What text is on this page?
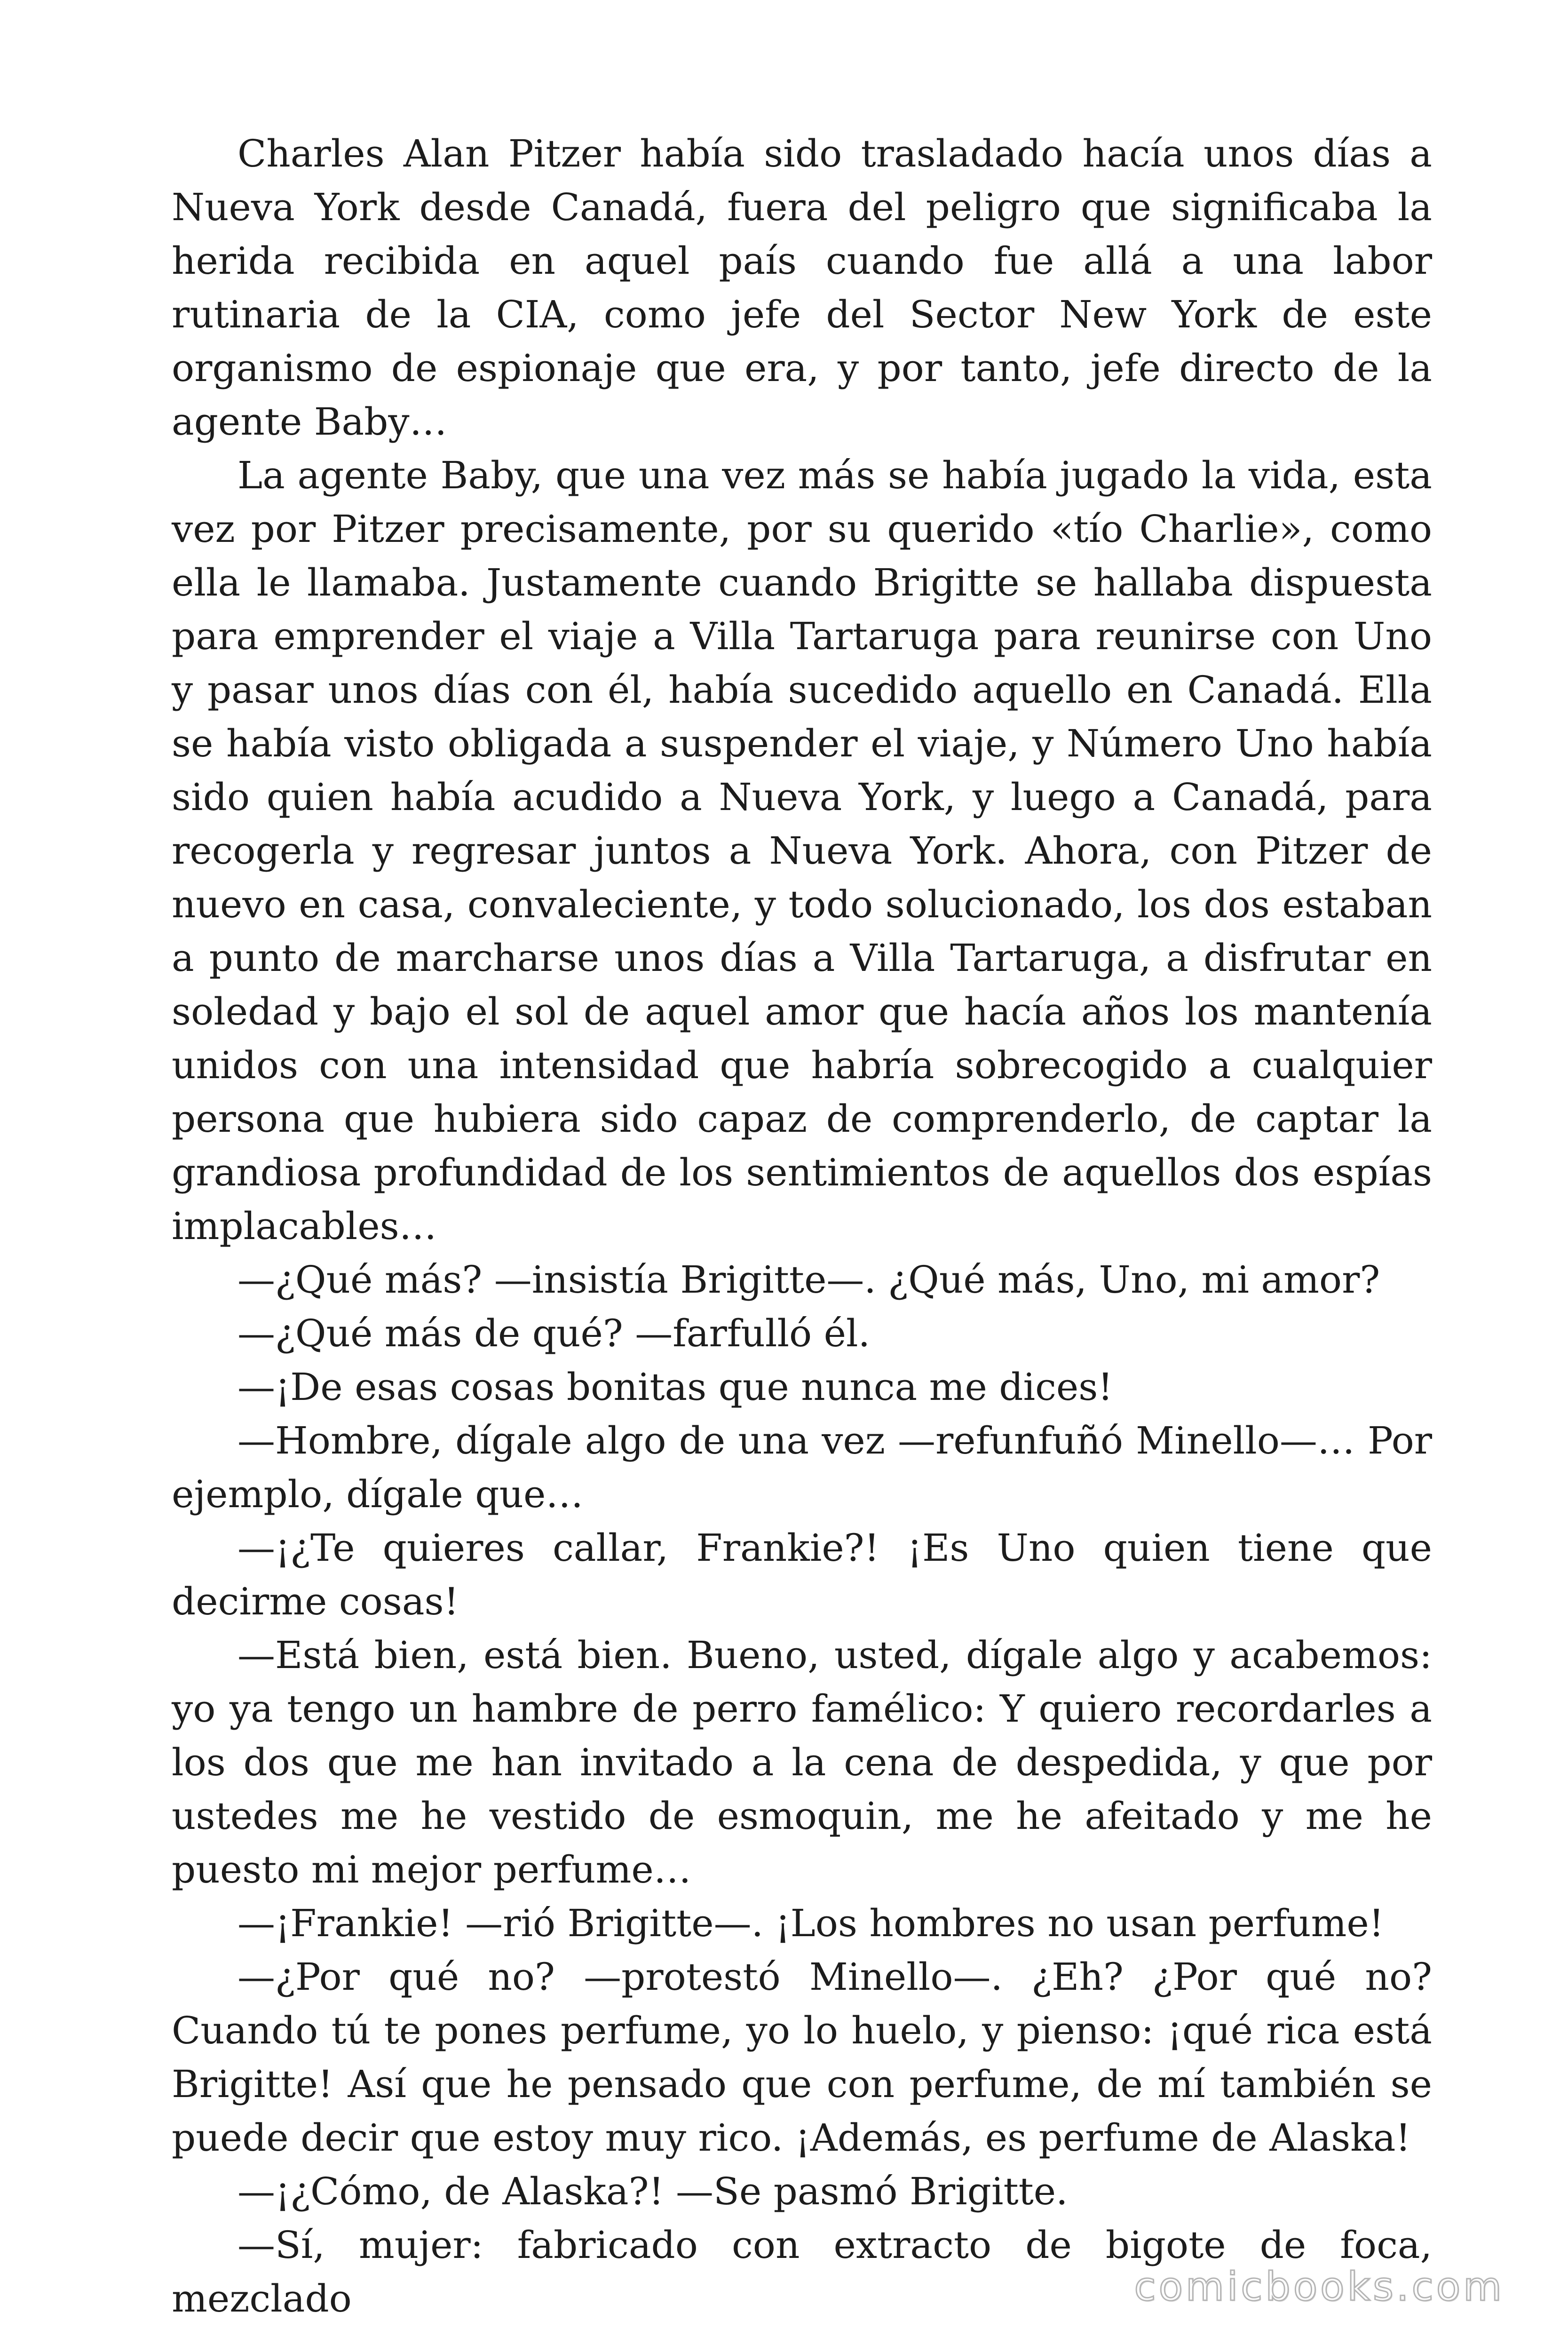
Charles Alan Pitzer había sido trasladado hacía unos días a Nueva York desde Canadá, fuera del peligro que significaba la herida recibida en aquel país cuando fue allá a una labor rutinaria de la CIA, como jefe del Sector New York de este organismo de espionaje que era, y por tanto, jefe directo de la agente Baby…

La agente Baby, que una vez más se había jugado la vida, esta vez por Pitzer precisamente, por su querido «tío Charlie», como ella le llamaba. Justamente cuando Brigitte se hallaba dispuesta para emprender el viaje a Villa Tartaruga para reunirse con Uno y pasar unos días con él, había sucedido aquello en Canadá. Ella se había visto obligada a suspender el viaje, y Número Uno había sido quien había acudido a Nueva York, y luego a Canadá, para recogerla y regresar juntos a Nueva York. Ahora, con Pitzer de nuevo en casa, convaleciente, y todo solucionado, los dos estaban a punto de marcharse unos días a Villa Tartaruga, a disfrutar en soledad y bajo el sol de aquel amor que hacía años los mantenía unidos con una intensidad que habría sobrecogido a cualquier persona que hubiera sido capaz de comprenderlo, de captar la grandiosa profundidad de los sentimientos de aquellos dos espías implacables…

—¿Qué más? —insistía Brigitte—. ¿Qué más, Uno, mi amor?

—¿Qué más de qué? —farfulló él.

—¡De esas cosas bonitas que nunca me dices!

—Hombre, dígale algo de una vez —refunfuñó Minello—… Por ejemplo, dígale que…

—¡¿Te quieres callar, Frankie?! ¡Es Uno quien tiene que decirme cosas!

—Está bien, está bien. Bueno, usted, dígale algo y acabemos: yo ya tengo un hambre de perro famélico: Y quiero recordarles a los dos que me han invitado a la cena de despedida, y que por ustedes me he vestido de esmoquin, me he afeitado y me he puesto mi mejor perfume…

—¡Frankie! —rió Brigitte—. ¡Los hombres no usan perfume!

—¿Por qué no? —protestó Minello—. ¿Eh? ¿Por qué no? Cuando tú te pones perfume, yo lo huelo, y pienso: ¡qué rica está Brigitte! Así que he pensado que con perfume, de mí también se puede decir que estoy muy rico. ¡Además, es perfume de Alaska!

—¡¿Cómo, de Alaska?! —Se pasmó Brigitte.

—Sí, mujer: fabricado con extracto de bigote de foca, mezclado	comicbooks.com
